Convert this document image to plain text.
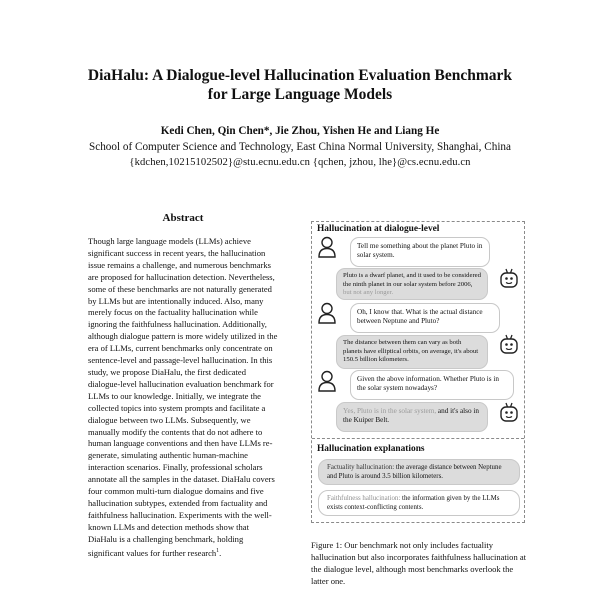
DiaHalu: A Dialogue-level Hallucination Evaluation Benchmark
for Large Language Models
Kedi Chen, Qin Chen*, Jie Zhou, Yishen He and Liang He
School of Computer Science and Technology, East China Normal University, Shanghai, China
{kdchen,10215102502}@stu.ecnu.edu.cn {qchen, jzhou, lhe}@cs.ecnu.edu.cn
Abstract

Though large language models (LLMs) achieve significant success in recent years, the hallucination issue remains a challenge, and numerous benchmarks are proposed for hallucination detection. Nevertheless, some of these benchmarks are not naturally generated by LLMs but are intentionally induced. Also, many merely focus on the factuality hallucination while ignoring the faithfulness hallucination. Additionally, although dialogue pattern is more widely utilized in the era of LLMs, current benchmarks only concentrate on sentence-level and passage-level hallucination. In this study, we propose DiaHalu, the first dedicated dialogue-level hallucination evaluation benchmark for LLMs to our knowledge. Initially, we integrate the collected topics into system prompts and facilitate a dialogue between two LLMs. Subsequently, we manually modify the contents that do not adhere to human language conventions and then have LLMs re-generate, simulating authentic human-machine interaction scenarios. Finally, professional scholars annotate all the samples in the dataset. DiaHalu covers four common multi-turn dialogue domains and five hallucination subtypes, extended from factuality and faithfulness hallucination. Experiments with the well-known LLMs and detection methods show that DiaHalu is a challenging benchmark, holding significant values for further research$^1$.

Hallucination at dialogue-level
Tell me something about the planet Pluto in solar system.
Pluto is a dwarf planet, and it used to be considered the ninth planet in our solar system before 2006, but not any longer.
Oh, I know that. What is the actual distance between Neptune and Pluto?
The distance between them can vary as both planets have elliptical orbits, on average, it's about 150.5 billion kilometers.
Given the above information. Whether Pluto is in the solar system nowadays?
Yes, Pluto is in the solar system, and it's also in the Kuiper Belt.
Hallucination explanations
Factuality hallucination: the average distance between Neptune and Pluto is around 3.5 billion kilometers.
Faithfulness hallucination: the information given by the LLMs exists context-conflicting contents.
Figure 1: Our benchmark not only includes factuality hallucination but also incorporates faithfulness hallucination at the dialogue level, although most benchmarks overlook the latter one.
